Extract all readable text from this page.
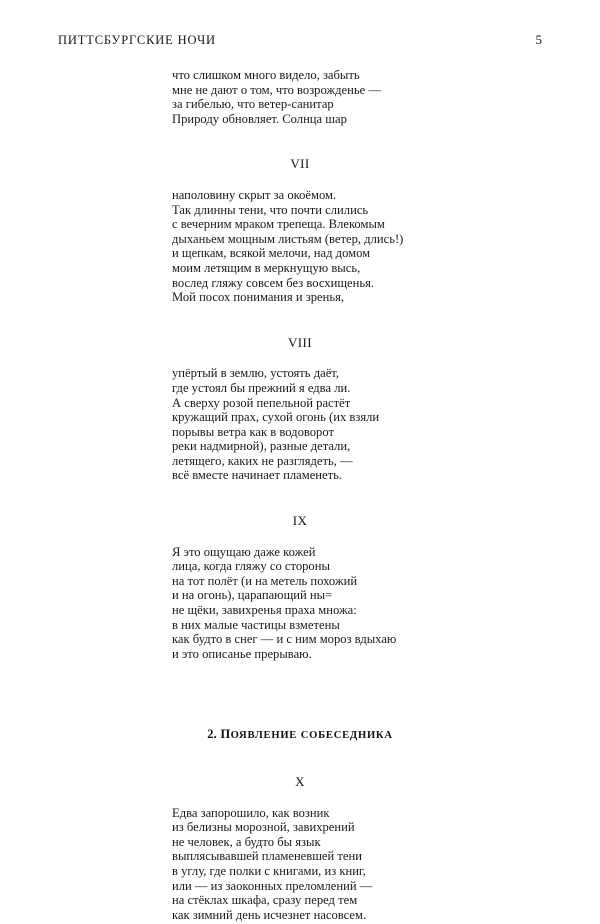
ПИТТСБУРГСКИЕ НОЧИ	5
что слишком много видело, забыть
мне не дают о том, что возрожденье —
за гибелью, что ветер-санитар
Природу обновляет. Солнца шар
VII
наполовину скрыт за окоёмом.
Так длинны тени, что почти слились
с вечерним мраком трепеща. Влекомым
дыханьем мощным листьям (ветер, длись!)
и щепкам, всякой мелочи, над домом
моим летящим в меркнущую высь,
вослед гляжу совсем без восхищенья.
Мой посох понимания и зренья,
VIII
упёртый в землю, устоять даёт,
где устоял бы прежний я едва ли.
А сверху розой пепельной растёт
кружащий прах, сухой огонь (их взяли
порывы ветра как в водоворот
реки надмирной), разные детали,
летящего, каких не разглядеть, —
всё вместе начинает пламенеть.
IX
Я это ощущаю даже кожей
лица, когда гляжу со стороны
на тот полёт (и на метель похожий
и на огонь), царапающий ны=
не щёки, завихренья праха множа:
в них малые частицы взметены
как будто в снег — и с ним мороз вдыхаю
и это описанье прерываю.
2. ПОЯВЛЕНИЕ СОБЕСЕДНИКА
X
Едва запорошило, как возник
из белизны морозной, завихрений
не человек, а будто бы язык
выплясывавшей пламеневшей тени
в углу, где полки с книгами, из книг,
или — из заоконных преломлений —
на стёклах шкафа, сразу перед тем
как зимний день исчезнет насовсем.
